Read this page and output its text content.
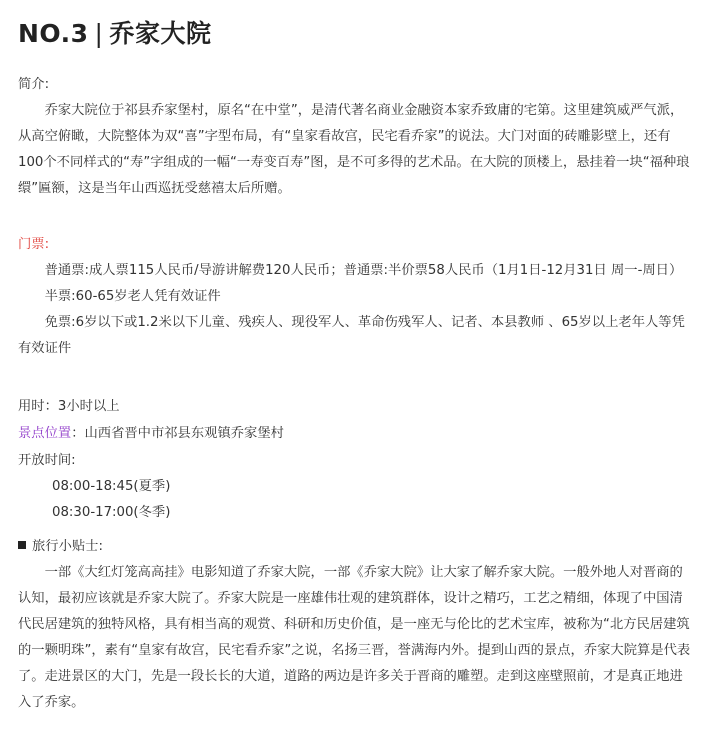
NO.3 | 乔家大院
简介:

乔家大院位于祁县乔家堡村，原名“在中堂”，是清代著名商业金融资本家乔致庸的宅第。这里建筑威严气派，从高空俯瞰，大院整体为双“喜”字型布局，有“皇家看故宫，民宅看乔家”的说法。大门对面的砖雕影壁上，还有100个不同样式的“寿”字组成的一幅“一寿变百寿”图，是不可多得的艺术品。在大院的顶楼上，悬挂着一块“福种琅缳”匾额，这是当年山西巡抚受慈禧太后所赠。

门票:

普通票:成人票115人民币/导游讲解费120人民币；普通票:半价票58人民币（1月1日-12月31日 周一-周日）

半票:60-65岁老人凭有效证件

免票:6岁以下或1.2米以下儿童、残疾人、现役军人、革命伤残军人、记者、本县教师 、65岁以上老年人等凭有效证件

用时：3小时以上

景点位置：山西省晋中市祁县东观镇乔家堡村

开放时间:

08:00-18:45(夏季)

08:30-17:00(冬季)

旅行小贴士:

一部《大红灯笼高高挂》电影知道了乔家大院，一部《乔家大院》让大家了解乔家大院。一般外地人对晋商的认知，最初应该就是乔家大院了。乔家大院是一座雄伟壮观的建筑群体，设计之精巧，工艺之精细，体现了中国清代民居建筑的独特风格，具有相当高的观赏、科研和历史价值，是一座无与伦比的艺术宝库，被称为“北方民居建筑的一颗明珠”，素有“皇家有故宫，民宅看乔家”之说，名扬三晋，誉满海内外。提到山西的景点，乔家大院算是代表了。走进景区的大门，先是一段长长的大道，道路的两边是许多关于晋商的雕塑。走到这座壁照前，才是真正地进入了乔家。
